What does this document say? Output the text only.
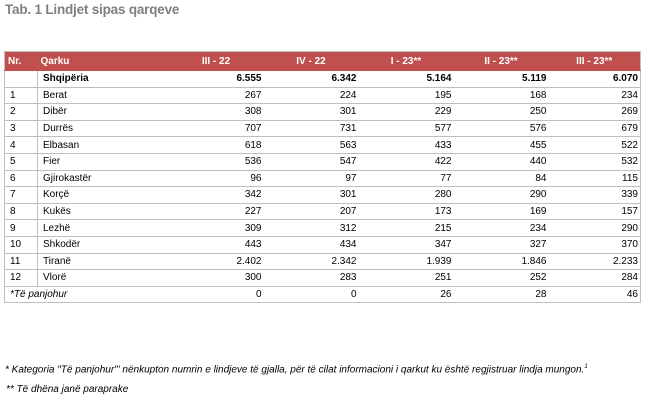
Tab. 1 Lindjet sipas qarqeve
Nr.	Qarku	III - 22	IV - 22	I - 23**	II - 23**	III - 23**
	Shqipëria	6.555	6.342	5.164	5.119	6.070
1	Berat	267	224	195	168	234
2	Dibër	308	301	229	250	269
3	Durrës	707	731	577	576	679
4	Elbasan	618	563	433	455	522
5	Fier	536	547	422	440	532
6	Gjirokastër	96	97	77	84	115
7	Korçë	342	301	280	290	339
8	Kukës	227	207	173	169	157
9	Lezhë	309	312	215	234	290
10	Shkodër	443	434	347	327	370
11	Tiranë	2.402	2.342	1.939	1.846	2.233
12	Vlorë	300	283	251	252	284
*Të panjohur		0	0	26	28	46
* Kategoria "Të panjohur"' nënkupton numrin e lindjeve të gjalla, për të cilat informacioni i qarkut ku është regjistruar lindja mungon.$^1$
** Të dhëna janë paraprake
